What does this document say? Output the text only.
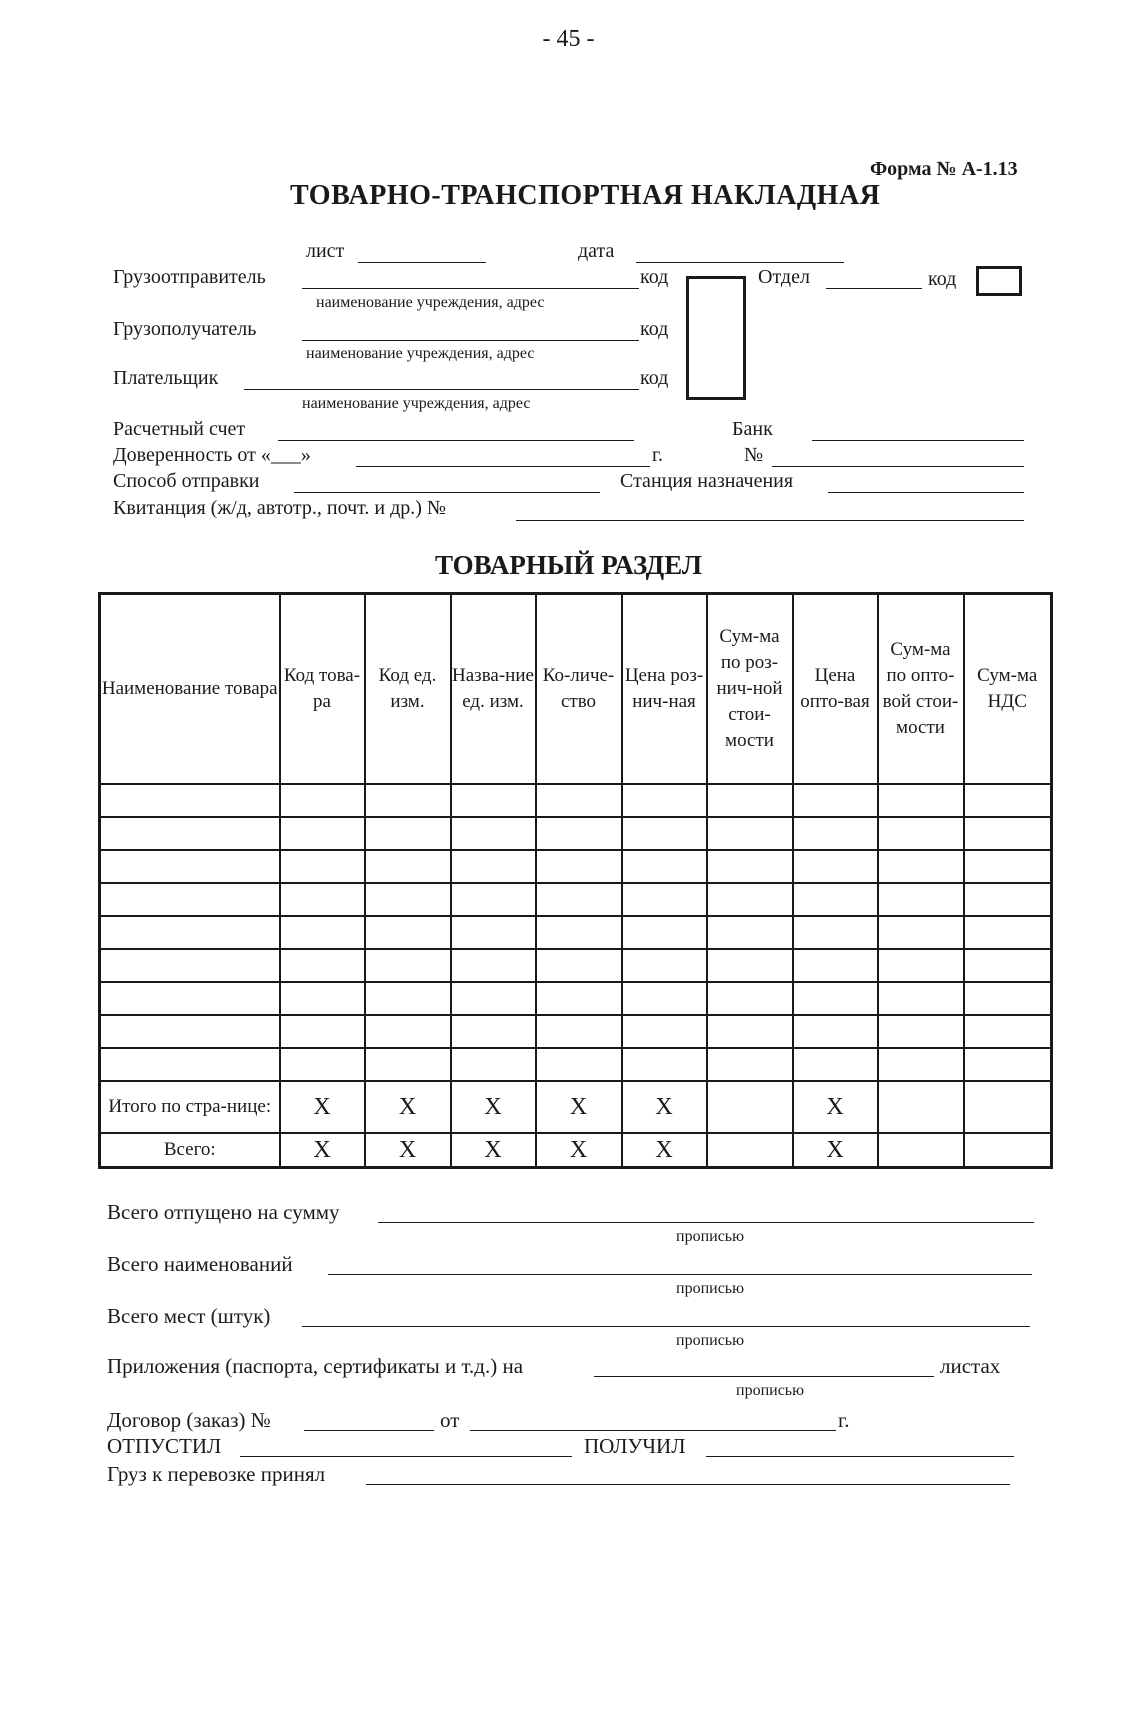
- 45 -
Форма № А-1.13
ТОВАРНО-ТРАНСПОРТНАЯ НАКЛАДНАЯ
лист	дата
Грузоотправитель	код
наименование учреждения, адрес
Грузополучатель	код
наименование учреждения, адрес
Плательщик	код
наименование учреждения, адрес
Отдел	код
Расчетный счет	Банк
Доверенность от «___»	г.	№
Способ отправки	Станция назначения
Квитанция (ж/д, автотр., почт. и др.) №
ТОВАРНЫЙ РАЗДЕЛ
Наименование товара	Код това-ра	Код ед. изм.	Назва-ние ед. изм.	Ко-личе-ство	Цена роз-нич-ная	Сум-ма по роз-нич-ной стои-мости	Цена опто-вая	Сум-ма по опто-вой стои-мости	Сум-ма НДС

Итого по стра-нице:	Х	Х	Х	Х	Х		Х		
Всего:	Х	Х	Х	Х	Х		Х		
Всего отпущено на сумму
прописью
Всего наименований
прописью
Всего мест (штук)
прописью
Приложения (паспорта, сертификаты и т.д.) на	листах
прописью
Договор (заказ) №	от	г.
ОТПУСТИЛ	ПОЛУЧИЛ
Груз к перевозке принял
